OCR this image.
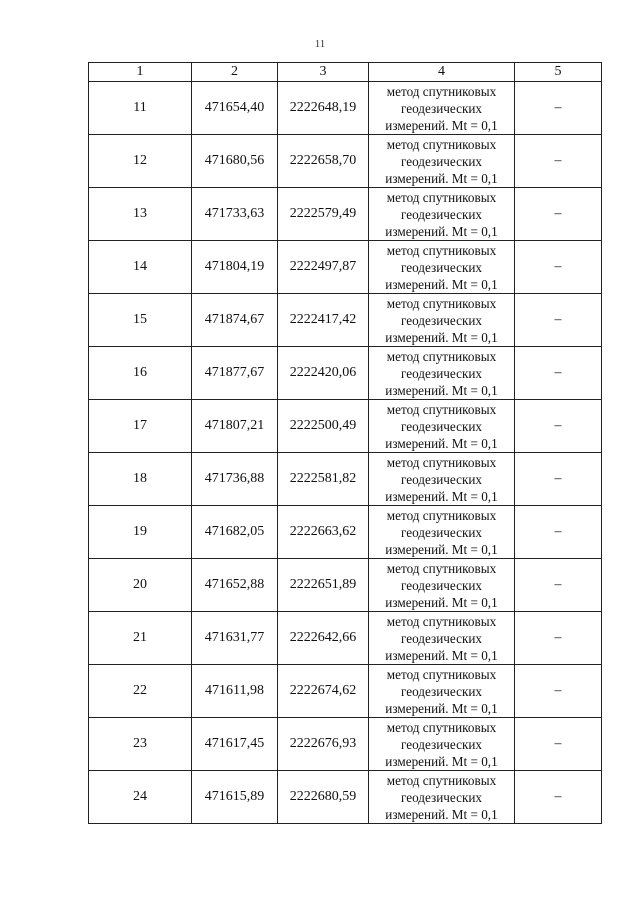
11
1	2	3	4	5
11	471654,40	2222648,19	метод спутниковых геодезических измерений. Mt = 0,1	–
12	471680,56	2222658,70	метод спутниковых геодезических измерений. Mt = 0,1	–
13	471733,63	2222579,49	метод спутниковых геодезических измерений. Mt = 0,1	–
14	471804,19	2222497,87	метод спутниковых геодезических измерений. Mt = 0,1	–
15	471874,67	2222417,42	метод спутниковых геодезических измерений. Mt = 0,1	–
16	471877,67	2222420,06	метод спутниковых геодезических измерений. Mt = 0,1	–
17	471807,21	2222500,49	метод спутниковых геодезических измерений. Mt = 0,1	–
18	471736,88	2222581,82	метод спутниковых геодезических измерений. Mt = 0,1	–
19	471682,05	2222663,62	метод спутниковых геодезических измерений. Mt = 0,1	–
20	471652,88	2222651,89	метод спутниковых геодезических измерений. Mt = 0,1	–
21	471631,77	2222642,66	метод спутниковых геодезических измерений. Mt = 0,1	–
22	471611,98	2222674,62	метод спутниковых геодезических измерений. Mt = 0,1	–
23	471617,45	2222676,93	метод спутниковых геодезических измерений. Mt = 0,1	–
24	471615,89	2222680,59	метод спутниковых геодезических измерений. Mt = 0,1	–
